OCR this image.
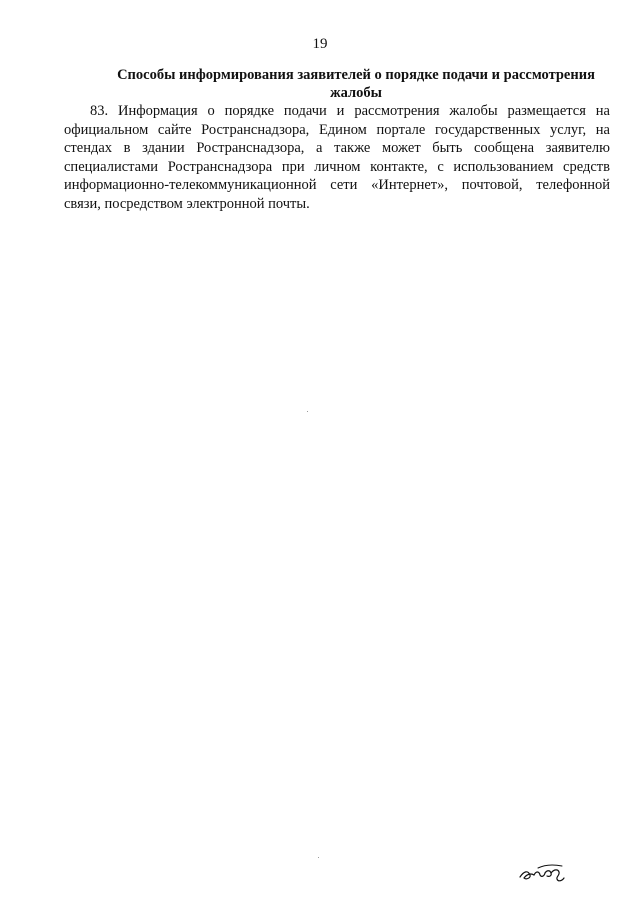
19
Способы информирования заявителей о порядке подачи и рассмотрения жалобы

83. Информация о порядке подачи и рассмотрения жалобы размещается на официальном сайте Ространснадзора, Едином портале государственных услуг, на стендах в здании Ространснадзора, а также может быть сообщена заявителю специалистами Ространснадзора при личном контакте, с использованием средств информационно-телекоммуникационной сети «Интернет», почтовой, телефонной связи, посредством электронной почты.
